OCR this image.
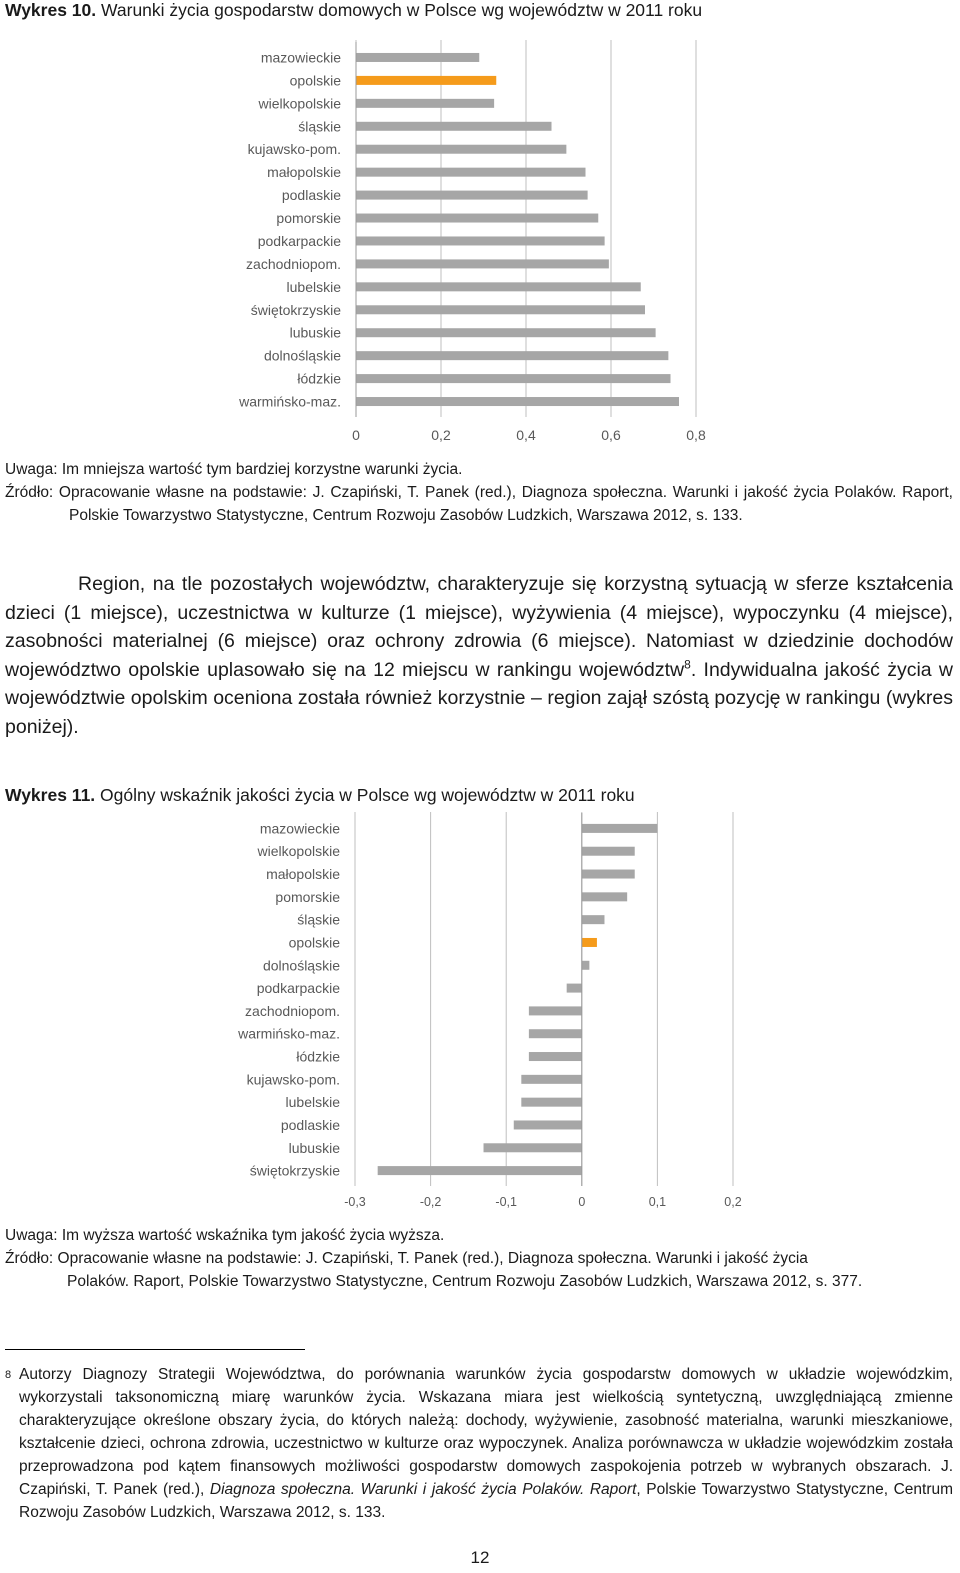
Wykres 10. Warunki życia gospodarstw domowych w Polsce wg województw w 2011 roku
0	0,2	0,4	0,6	0,8
mazowieckie
opolskie
wielkopolskie
śląskie
kujawsko-pom.
małopolskie
podlaskie
pomorskie
podkarpackie
zachodniopom.
lubelskie
świętokrzyskie
lubuskie
dolnośląskie
łódzkie
warmińsko-maz.
Uwaga: Im mniejsza wartość tym bardziej korzystne warunki życia.
Źródło: Opracowanie własne na podstawie: J. Czapiński, T. Panek (red.), Diagnoza społeczna. Warunki i jakość życia Polaków. Raport, Polskie Towarzystwo Statystyczne, Centrum Rozwoju Zasobów Ludzkich, Warszawa 2012, s. 133.
Region, na tle pozostałych województw, charakteryzuje się korzystną sytuacją w sferze kształcenia dzieci (1 miejsce), uczestnictwa w kulturze (1 miejsce), wyżywienia (4 miejsce), wypoczynku (4 miejsce), zasobności materialnej (6 miejsce) oraz ochrony zdrowia (6 miejsce). Natomiast w dziedzinie dochodów województwo opolskie uplasowało się na 12 miejscu w rankingu województw$^8$. Indywidualna jakość życia w województwie opolskim oceniona została również korzystnie – region zajął szóstą pozycję w rankingu (wykres poniżej).
Wykres 11. Ogólny wskaźnik jakości życia w Polsce wg województw w 2011 roku
-0,3	-0,2	-0,1	0	0,1	0,2
mazowieckie
wielkopolskie
małopolskie
pomorskie
śląskie
opolskie
dolnośląskie
podkarpackie
zachodniopom.
warmińsko-maz.
łódzkie
kujawsko-pom.
lubelskie
podlaskie
lubuskie
świętokrzyskie
Uwaga: Im wyższa wartość wskaźnika tym jakość życia wyższa.
Źródło: Opracowanie własne na podstawie: J. Czapiński, T. Panek (red.), Diagnoza społeczna. Warunki i jakość życia
Polaków. Raport, Polskie Towarzystwo Statystyczne, Centrum Rozwoju Zasobów Ludzkich, Warszawa 2012, s. 377.
8 Autorzy Diagnozy Strategii Województwa, do porównania warunków życia gospodarstw domowych w układzie wojewódzkim, wykorzystali taksonomiczną miarę warunków życia. Wskazana miara jest wielkością syntetyczną, uwzględniającą zmienne charakteryzujące określone obszary życia, do których należą: dochody, wyżywienie, zasobność materialna, warunki mieszkaniowe, kształcenie dzieci, ochrona zdrowia, uczestnictwo w kulturze oraz wypoczynek. Analiza porównawcza w układzie wojewódzkim została przeprowadzona pod kątem finansowych możliwości gospodarstw domowych zaspokojenia potrzeb w wybranych obszarach. J. Czapiński, T. Panek (red.), Diagnoza społeczna. Warunki i jakość życia Polaków. Raport, Polskie Towarzystwo Statystyczne, Centrum Rozwoju Zasobów Ludzkich, Warszawa 2012, s. 133.
12
